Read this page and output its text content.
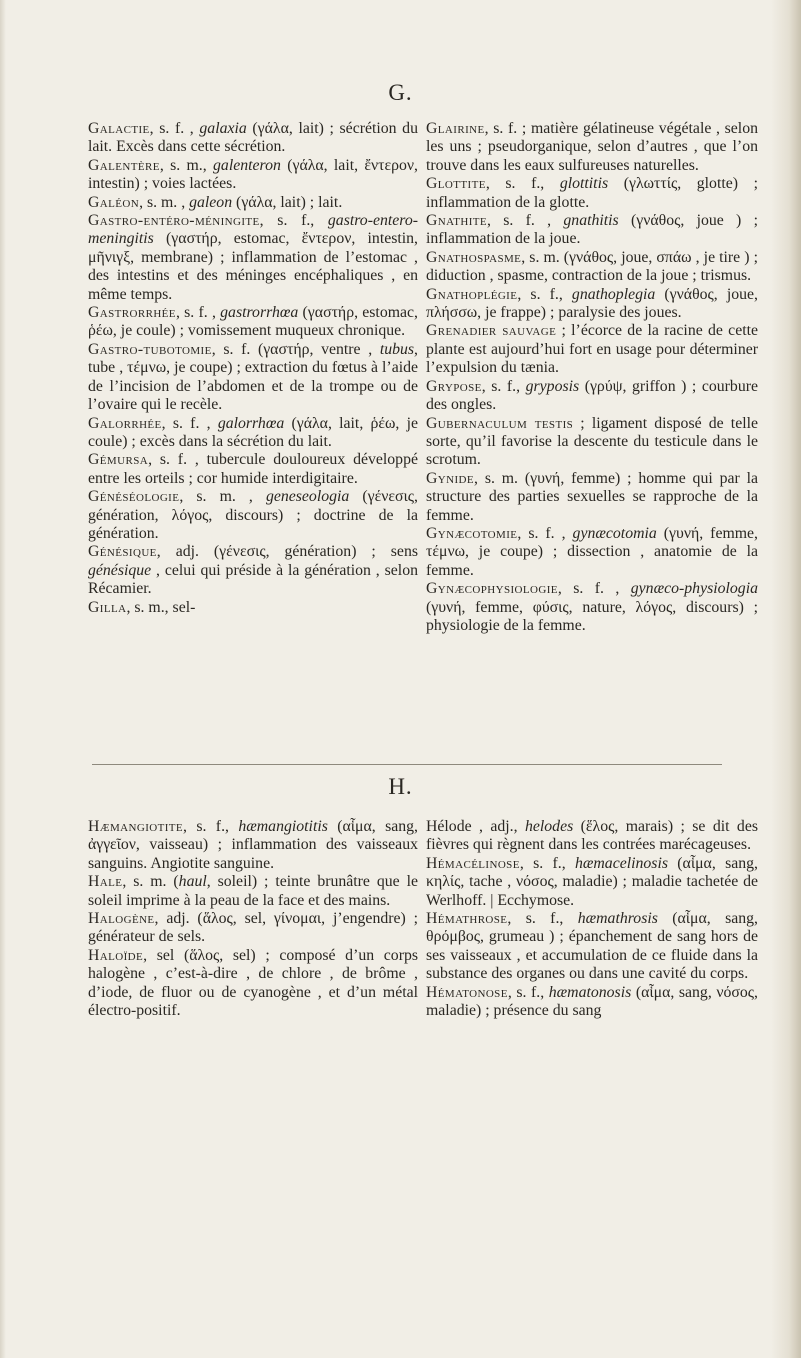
G.

Galactie, s. f. , galaxia (γάλα, lait) ; sécrétion du lait. Excès dans cette sécrétion.

Galentère, s. m., galenteron (γάλα, lait, ἔντερον, intestin) ; voies lactées.

Galéon, s. m. , galeon (γάλα, lait) ; lait.

Gastro-entéro-méningite, s. f., gastro-entero-meningitis (γαστήρ, estomac, ἔντερον, intestin, μῆνιγξ, membrane) ; inflammation de l’estomac , des intestins et des méninges encéphaliques , en même temps.

Gastrorrhée, s. f. , gastrorrhœa (γαστήρ, estomac, ῥέω, je coule) ; vomissement muqueux chronique.

Gastro-tubotomie, s. f. (γαστήρ, ventre , tubus, tube , τέμνω, je coupe) ; extraction du fœtus à l’aide de l’incision de l’abdomen et de la trompe ou de l’ovaire qui le recèle.

Galorrhée, s. f. , galorrhœa (γάλα, lait, ῥέω, je coule) ; excès dans la sécrétion du lait.

Gémursa, s. f. , tubercule douloureux développé entre les orteils ; cor humide interdigitaire.

Généséologie, s. m. , geneseologia (γένεσις, génération, λόγος, discours) ; doctrine de la génération.

Génésique, adj. (γένεσις, génération) ; sens génésique , celui qui préside à la génération , selon Récamier.

Gilla, s. m., sel-

Glairine, s. f. ; matière gélatineuse végétale , selon les uns ; pseudorganique, selon d’autres , que l’on trouve dans les eaux sulfureuses naturelles.

Glottite, s. f., glottitis (γλωττίς, glotte) ; inflammation de la glotte.

Gnathite, s. f. , gnathitis (γνάθος, joue ) ; inflammation de la joue.

Gnathospasme, s. m. (γνάθος, joue, σπάω , je tire ) ; diduction , spasme, contraction de la joue ; trismus.

Gnathoplégie, s. f., gnathoplegia (γνάθος, joue, πλήσσω, je frappe) ; paralysie des joues.

Grenadier sauvage ; l’écorce de la racine de cette plante est aujourd’hui fort en usage pour déterminer l’expulsion du tænia.

Grypose, s. f., gryposis (γρύψ, griffon ) ; courbure des ongles.

Gubernaculum testis ; ligament disposé de telle sorte, qu’il favorise la descente du testicule dans le scrotum.

Gynide, s. m. (γυνή, femme) ; homme qui par la structure des parties sexuelles se rapproche de la femme.

Gynæcotomie, s. f. , gynæcotomia (γυνή, femme, τέμνω, je coupe) ; dissection , anatomie de la femme.

Gynæcophysiologie, s. f. , gynæco-physiologia (γυνή, femme, φύσις, nature, λόγος, discours) ; physiologie de la femme.

H.

Hæmangiotite, s. f., hæmangiotitis (αἷμα, sang, ἀγγεῖον, vaisseau) ; inflammation des vaisseaux sanguins. Angiotite sanguine.

Hale, s. m. (haul, soleil) ; teinte brunâtre que le soleil imprime à la peau de la face et des mains.

Halogène, adj. (ἅλος, sel, γίνομαι, j’engendre) ; générateur de sels.

Haloïde, sel (ἅλος, sel) ; composé d’un corps halogène , c’est-à-dire , de chlore , de brôme , d’iode, de fluor ou de cyanogène , et d’un métal électro-positif.

Hélode , adj., helodes (ἕλος, marais) ; se dit des fièvres qui règnent dans les contrées marécageuses.

Hémacélinose, s. f., hæmacelinosis (αἷμα, sang, κηλίς, tache , νόσος, maladie) ; maladie tachetée de Werlhoff. | Ecchymose.

Hémathrose, s. f., hæmathrosis (αἷμα, sang, θρόμβος, grumeau ) ; épanchement de sang hors de ses vaisseaux , et accumulation de ce fluide dans la substance des organes ou dans une cavité du corps.

Hématonose, s. f., hæmatonosis (αἷμα, sang, νόσος, maladie) ; présence du sang
